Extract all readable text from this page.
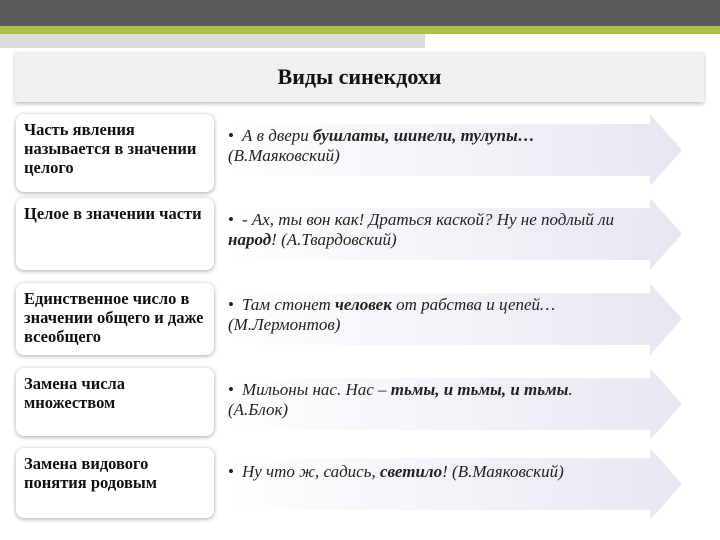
Виды синекдохи
Часть явления называется в значении целого
• А в двери бушлаты, шинели, тулупы… (В.Маяковский)
Целое в значении части	• - Ах, ты вон как! Драться каской? Ну не подлый ли народ! (А.Твардовский)
Единственное число в значении общего и даже всеобщего
• Там стонет человек от рабства и цепей… (М.Лермонтов)
Замена числа множеством
• Мильоны нас. Нас – тьмы, и тьмы, и тьмы. (А.Блок)
Замена видового понятия родовым
• Ну что ж, садись, светило! (В.Маяковский)
